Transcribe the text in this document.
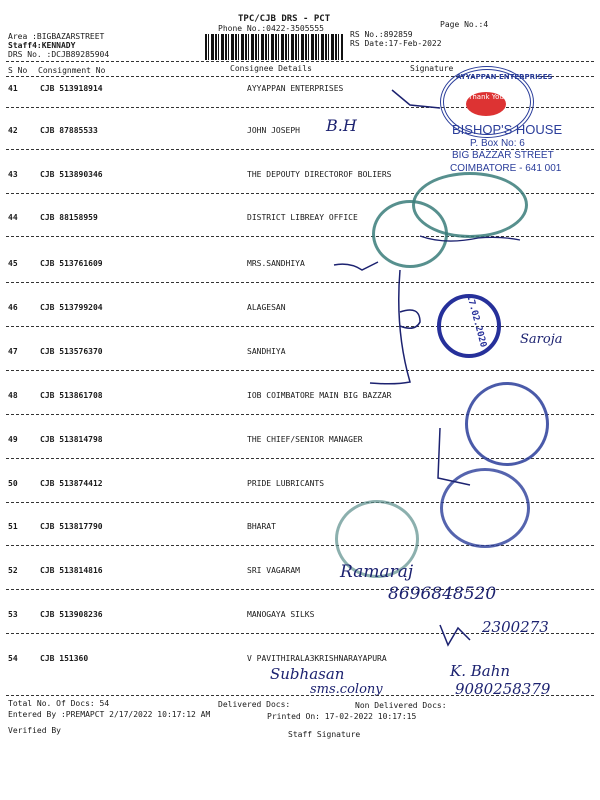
TPC/CJB DRS - PCT
Phone No.:0422-3505555	Page No.:4
Area :BIGBAZARSTREET
Staff4:KENNADY
DRS No. :DCJB89285904
RS No.:892859
RS Date:17-Feb-2022
S No Consignment No	Consignee Details	Signature
41	CJB 513918914	AYYAPPAN ENTERPRISES
42	CJB 87885533	JOHN JOSEPH
43	CJB 513890346	THE DEPOUTY DIRECTOROF BOLIERS
44	CJB 88158959	DISTRICT LIBREAY OFFICE
45	CJB 513761609	MRS.SANDHIYA
46	CJB 513799204	ALAGESAN
47	CJB 513576370	SANDHIYA
48	CJB 513861708	IOB COIMBATORE MAIN BIG BAZZAR
49	CJB 513814798	THE CHIEF/SENIOR MANAGER
50	CJB 513874412	PRIDE LUBRICANTS
51	CJB 513817790	BHARAT
52	CJB 513814816	SRI VAGARAM
53	CJB 513908236	MANOGAYA SILKS
54	CJB 151360	V PAVITHIRALA3KRISHNARAYAPURA
AYYAPPAN ENTERPRISES
Thank You
BISHOP'S HOUSE
P. Box No: 6
BIG BAZZAR STREET
COIMBATORE - 641 001
17.02.2020
B.H
Saroja
Ramaraj
8696848520
2300273
Subhasan
sms.colony
K. Bahn
9080258379
Total No. Of Docs: 54	Delivered Docs:	Non Delivered Docs:
Entered By :PREMAPCT 2/17/2022 10:17:12 AM	Printed On: 17-02-2022 10:17:15
Verified By	Staff Signature
